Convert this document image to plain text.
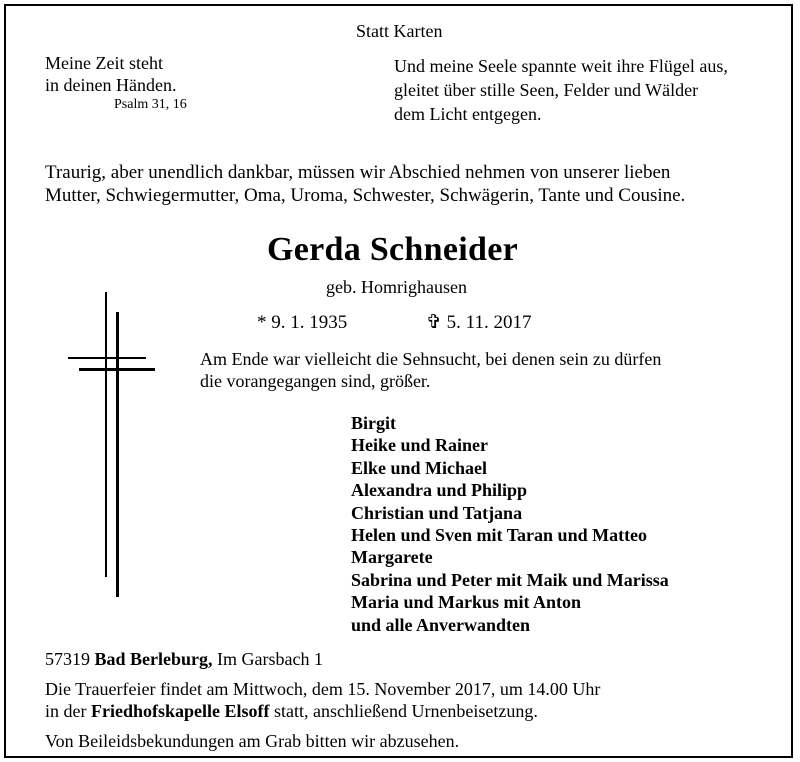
Statt Karten
Meine Zeit steht
in deinen Händen.
Psalm 31, 16
Und meine Seele spannte weit ihre Flügel aus,
gleitet über stille Seen, Felder und Wälder
dem Licht entgegen.
Traurig, aber unendlich dankbar, müssen wir Abschied nehmen von unserer lieben
Mutter, Schwiegermutter, Oma, Uroma, Schwester, Schwägerin, Tante und Cousine.
Gerda Schneider
geb. Homrighausen
* 9. 1. 1935	✞ 5. 11. 2017
Am Ende war vielleicht die Sehnsucht, bei denen sein zu dürfen
die vorangegangen sind, größer.
Birgit
Heike und Rainer
Elke und Michael
Alexandra und Philipp
Christian und Tatjana
Helen und Sven mit Taran und Matteo
Margarete
Sabrina und Peter mit Maik und Marissa
Maria und Markus mit Anton
und alle Anverwandten
57319 Bad Berleburg, Im Garsbach 1
Die Trauerfeier findet am Mittwoch, dem 15. November 2017, um 14.00 Uhr
in der Friedhofskapelle Elsoff statt, anschließend Urnenbeisetzung.
Von Beileidsbekundungen am Grab bitten wir abzusehen.
